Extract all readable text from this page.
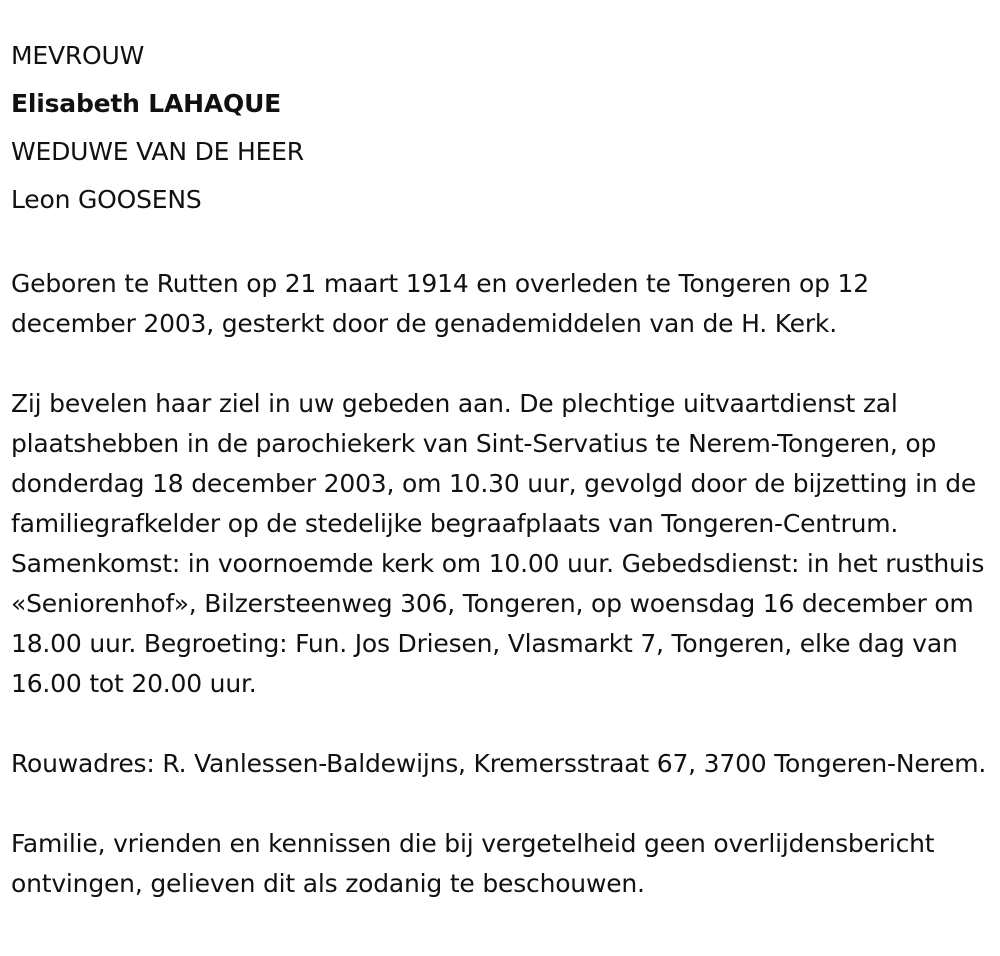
MEVROUW

Elisabeth LAHAQUE

WEDUWE VAN DE HEER

Leon GOOSENS

Geboren te Rutten op 21 maart 1914 en overleden te Tongeren op 12 december 2003, gesterkt door de genademiddelen van de H. Kerk.

Zij bevelen haar ziel in uw gebeden aan. De plechtige uitvaartdienst zal plaatshebben in de parochiekerk van Sint-Servatius te Nerem-Tongeren, op donderdag 18 december 2003, om 10.30 uur, gevolgd door de bijzetting in de familiegrafkelder op de stedelijke begraafplaats van Tongeren-Centrum. Samenkomst: in voornoemde kerk om 10.00 uur. Gebedsdienst: in het rusthuis «Seniorenhof», Bilzersteenweg 306, Tongeren, op woensdag 16 december om 18.00 uur. Begroeting: Fun. Jos Driesen, Vlasmarkt 7, Tongeren, elke dag van 16.00 tot 20.00 uur.

Rouwadres: R. Vanlessen-Baldewijns, Kremersstraat 67, 3700 Tongeren-Nerem.

Familie, vrienden en kennissen die bij vergetelheid geen overlijdensbericht ontvingen, gelieven dit als zodanig te beschouwen.
